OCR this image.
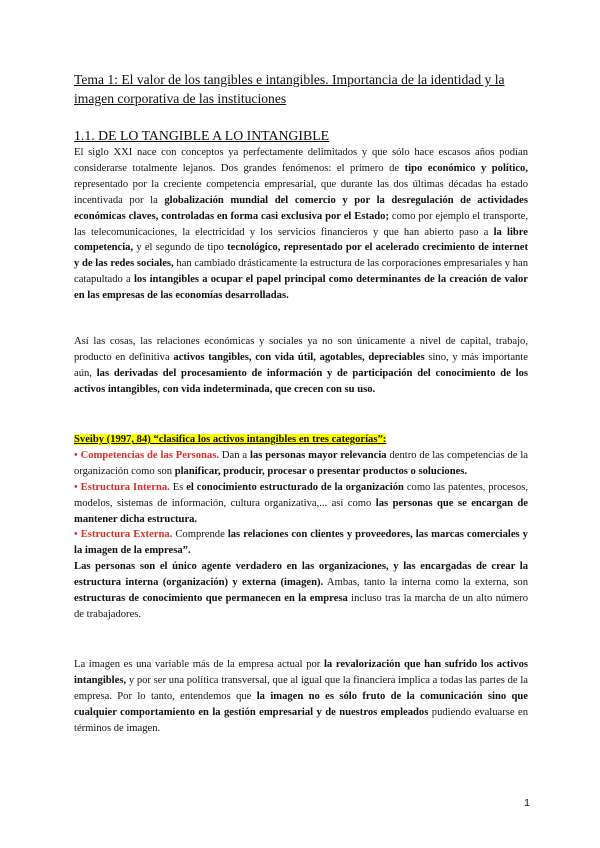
Tema 1: El valor de los tangibles e intangibles. Importancia de la identidad y la imagen corporativa de las instituciones
1.1. DE LO TANGIBLE A LO INTANGIBLE

El siglo XXI nace con conceptos ya perfectamente delimitados y que sólo hace escasos años podían considerarse totalmente lejanos. Dos grandes fenómenos: el primero de tipo económico y político, representado por la creciente competencia empresarial, que durante las dos últimas décadas ha estado incentivada por la globalización mundial del comercio y por la desregulación de actividades económicas claves, controladas en forma casi exclusiva por el Estado; como por ejemplo el transporte, las telecomunicaciones, la electricidad y los servicios financieros y que han abierto paso a la libre competencia, y el segundo de tipo tecnológico, representado por el acelerado crecimiento de internet y de las redes sociales, han cambiado drásticamente la estructura de las corporaciones empresariales y han catapultado a los intangibles a ocupar el papel principal como determinantes de la creación de valor en las empresas de las economías desarrolladas.

Así las cosas, las relaciones económicas y sociales ya no son únicamente a nivel de capital, trabajo, producto en definitiva activos tangibles, con vida útil, agotables, depreciables sino, y más importante aún, las derivadas del procesamiento de información y de participación del conocimiento de los activos intangibles, con vida indeterminada, que crecen con su uso.

Sveiby (1997, 84) “clasifica los activos intangibles en tres categorías”:
• Competencias de las Personas. Dan a las personas mayor relevancia dentro de las competencias de la organización como son planificar, producir, procesar o presentar productos o soluciones.
• Estructura Interna. Es el conocimiento estructurado de la organización como las patentes, procesos, modelos, sistemas de información, cultura organizativa,... así como las personas que se encargan de mantener dicha estructura.
• Estructura Externa. Comprende las relaciones con clientes y proveedores, las marcas comerciales y la imagen de la empresa”.
Las personas son el único agente verdadero en las organizaciones, y las encargadas de crear la estructura interna (organización) y externa (imagen). Ambas, tanto la interna como la externa, son estructuras de conocimiento que permanecen en la empresa incluso tras la marcha de un alto número de trabajadores.

La imagen es una variable más de la empresa actual por la revalorización que han sufrido los activos intangibles, y por ser una política transversal, que al igual que la financiera implica a todas las partes de la empresa. Por lo tanto, entendemos que la imagen no es sólo fruto de la comunicación sino que cualquier comportamiento en la gestión empresarial y de nuestros empleados pudiendo evaluarse en términos de imagen.

1
